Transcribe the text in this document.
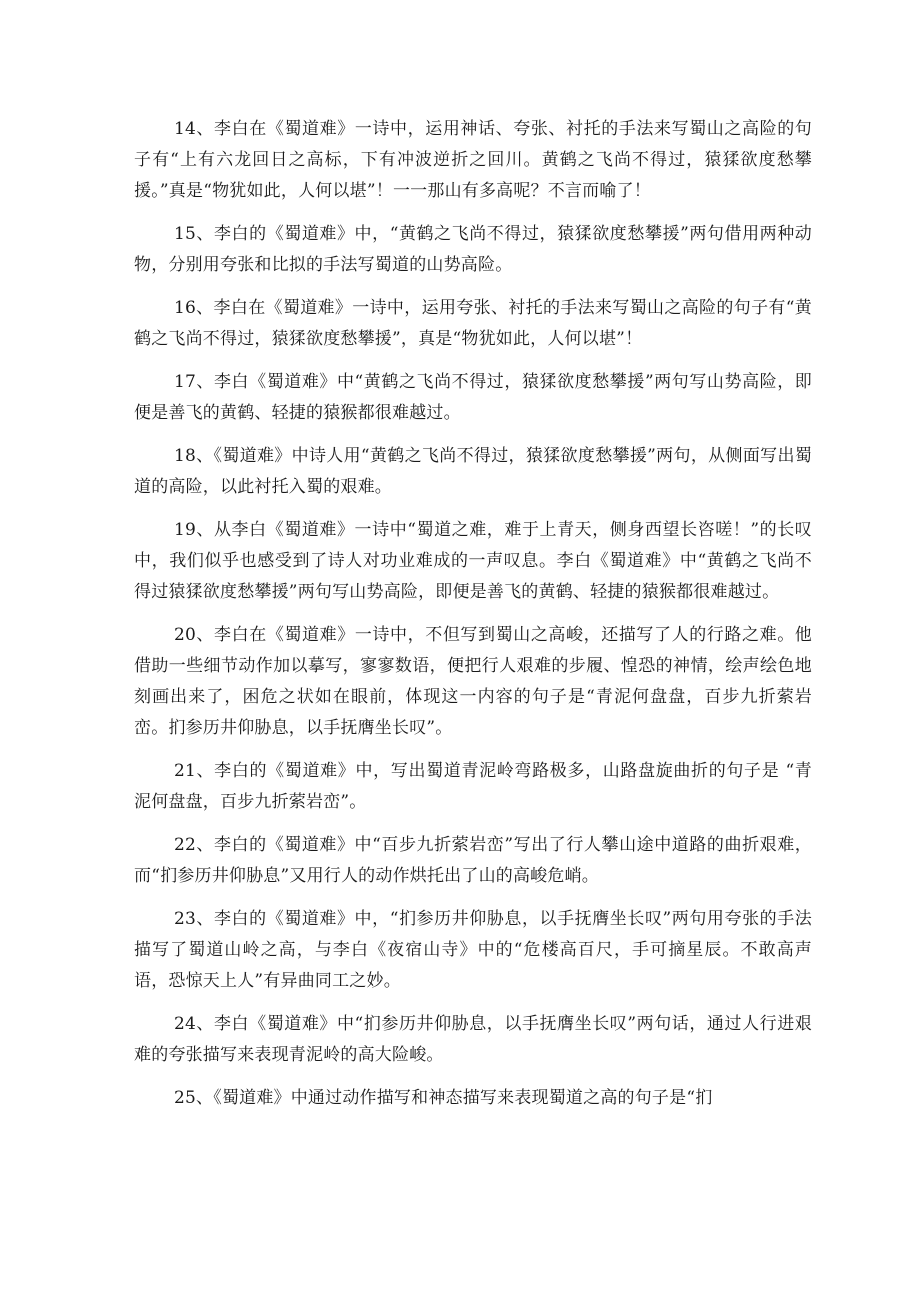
14、李白在《蜀道难》一诗中，运用神话、夸张、衬托的手法来写蜀山之高险的句子有“上有六龙回日之高标，下有冲波逆折之回川。黄鹤之飞尚不得过，猿猱欲度愁攀援。”真是“物犹如此，人何以堪”！一一那山有多高呢？不言而喻了！

15、李白的《蜀道难》中，“黄鹤之飞尚不得过，猿猱欲度愁攀援”两句借用两种动物，分别用夸张和比拟的手法写蜀道的山势高险。

16、李白在《蜀道难》一诗中，运用夸张、衬托的手法来写蜀山之高险的句子有“黄鹤之飞尚不得过，猿猱欲度愁攀援”，真是“物犹如此，人何以堪”！

17、李白《蜀道难》中“黄鹤之飞尚不得过，猿猱欲度愁攀援”两句写山势高险，即便是善飞的黄鹤、轻捷的猿猴都很难越过。

18、《蜀道难》中诗人用“黄鹤之飞尚不得过，猿猱欲度愁攀援”两句，从侧面写出蜀道的高险，以此衬托入蜀的艰难。

19、从李白《蜀道难》一诗中“蜀道之难，难于上青天，侧身西望长咨嗟！”的长叹中，我们似乎也感受到了诗人对功业难成的一声叹息。李白《蜀道难》中“黄鹤之飞尚不得过猿猱欲度愁攀援”两句写山势高险，即便是善飞的黄鹤、轻捷的猿猴都很难越过。

20、李白在《蜀道难》一诗中，不但写到蜀山之高峻，还描写了人的行路之难。他借助一些细节动作加以摹写，寥寥数语，便把行人艰难的步履、惶恐的神情，绘声绘色地刻画出来了，困危之状如在眼前，体现这一内容的句子是“青泥何盘盘，百步九折萦岩峦。扪参历井仰胁息，以手抚膺坐长叹”。

21、李白的《蜀道难》中，写出蜀道青泥岭弯路极多，山路盘旋曲折的句子是 “青泥何盘盘，百步九折萦岩峦”。

22、李白的《蜀道难》中“百步九折萦岩峦”写出了行人攀山途中道路的曲折艰难，而“扪参历井仰胁息”又用行人的动作烘托出了山的高峻危峭。

23、李白的《蜀道难》中，“扪参历井仰胁息，以手抚膺坐长叹”两句用夸张的手法描写了蜀道山岭之高，与李白《夜宿山寺》中的“危楼高百尺，手可摘星辰。不敢高声语，恐惊天上人”有异曲同工之妙。

24、李白《蜀道难》中“扪参历井仰胁息，以手抚膺坐长叹”两句话，通过人行进艰难的夸张描写来表现青泥岭的高大险峻。

25、《蜀道难》中通过动作描写和神态描写来表现蜀道之高的句子是“扪
